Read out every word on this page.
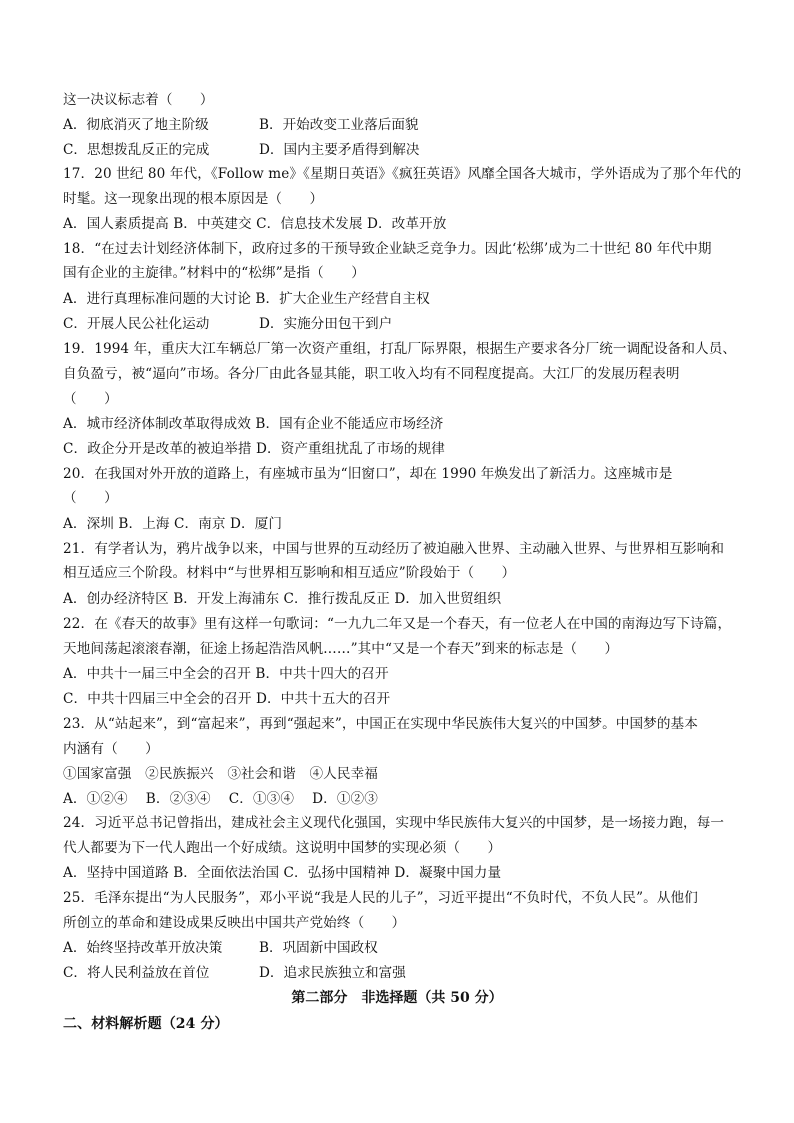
这一决议标志着（　　）
A．彻底消灭了地主阶级	B．开始改变工业落后面貌
C．思想拨乱反正的完成	D．国内主要矛盾得到解决
17．20 世纪 80 年代，《Follow me》《星期日英语》《疯狂英语》风靡全国各大城市，学外语成为了那个年代的
时髦。这一现象出现的根本原因是（　　）
A．国人素质提高 B．中英建交 C．信息技术发展 D．改革开放
18．“在过去计划经济体制下，政府过多的干预导致企业缺乏竞争力。因此‘松绑’成为二十世纪 80 年代中期
国有企业的主旋律。”材料中的“松绑”是指（　　）
A．进行真理标准问题的大讨论 B．扩大企业生产经营自主权
C．开展人民公社化运动	D．实施分田包干到户
19．1994 年，重庆大江车辆总厂第一次资产重组，打乱厂际界限，根据生产要求各分厂统一调配设备和人员、
自负盈亏，被“逼向”市场。各分厂由此各显其能，职工收入均有不同程度提高。大江厂的发展历程表明
（　　）
A．城市经济体制改革取得成效 B．国有企业不能适应市场经济
C．政企分开是改革的被迫举措 D．资产重组扰乱了市场的规律
20．在我国对外开放的道路上，有座城市虽为“旧窗口”，却在 1990 年焕发出了新活力。这座城市是
（　　）
A．深圳 B．上海 C．南京 D．厦门
21．有学者认为，鸦片战争以来，中国与世界的互动经历了被迫融入世界、主动融入世界、与世界相互影响和
相互适应三个阶段。材料中“与世界相互影响和相互适应”阶段始于（　　）
A．创办经济特区 B．开发上海浦东 C．推行拨乱反正 D．加入世贸组织
22．在《春天的故事》里有这样一句歌词：“一九九二年又是一个春天，有一位老人在中国的南海边写下诗篇，
天地间荡起滚滚春潮，征途上扬起浩浩风帆……”其中“又是一个春天”到来的标志是（　　）
A．中共十一届三中全会的召开 B．中共十四大的召开
C．中共十四届三中全会的召开 D．中共十五大的召开
23．从“站起来”，到“富起来”，再到“强起来”，中国正在实现中华民族伟大复兴的中国梦。中国梦的基本
内涵有（　　）
①国家富强　②民族振兴　③社会和谐　④人民幸福
A．①②④　 B．②③④　 C．①③④　 D．①②③
24．习近平总书记曾指出，建成社会主义现代化强国，实现中华民族伟大复兴的中国梦，是一场接力跑，每一
代人都要为下一代人跑出一个好成绩。这说明中国梦的实现必须（　　）
A．坚持中国道路 B．全面依法治国 C．弘扬中国精神 D．凝聚中国力量
25．毛泽东提出“为人民服务”，邓小平说“我是人民的儿子”，习近平提出“不负时代，不负人民”。从他们
所创立的革命和建设成果反映出中国共产党始终（　　）
A．始终坚持改革开放决策	B．巩固新中国政权
C．将人民利益放在首位	D．追求民族独立和富强
第二部分　非选择题（共 50 分）
二、材料解析题（24 分）
